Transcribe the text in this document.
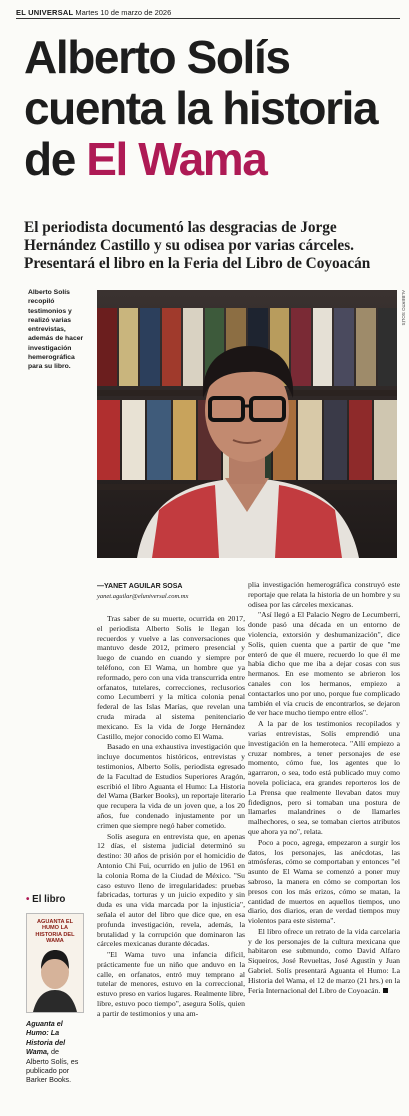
EL UNIVERSAL Martes 10 de marzo de 2026
Alberto Solís
cuenta la historia
de El Wama
El periodista documentó las desgracias de Jorge Hernández Castillo y su odisea por varias cárceles. Presentará el libro en la Feria del Libro de Coyoacán
Alberto Solís recopiló testimonios y realizó varias entrevistas, además de hacer investigación hemerográfica para su libro.
ALBERTO SOLÍS
—YANET AGUILAR SOSA
yanet.aguilar@eluniversal.com.mx

Tras saber de su muerte, ocurrida en 2017, el periodista Alberto Solís le llegan los recuerdos y vuelve a las conversaciones que mantuvo desde 2012, primero presencial y luego de cuando en cuando y siempre por teléfono, con El Wama, un hombre que ya reformado, pero con una vida transcurrida entre orfanatos, tutelares, correcciones, reclusorios como Lecumberri y la mítica colonia penal federal de las Islas Marías, que revelan una cruda mirada al sistema penitenciario mexicano. Es la vida de Jorge Hernández Castillo, mejor conocido como El Wama.

Basado en una exhaustiva investigación que incluye documentos históricos, entrevistas y testimonios, Alberto Solís, periodista egresado de la Facultad de Estudios Superiores Aragón, escribió el libro Aguanta el Humo: La Historia del Wama (Barker Books), un reportaje literario que recupera la vida de un joven que, a los 20 años, fue condenado injustamente por un crimen que siempre negó haber cometido.

Solís asegura en entrevista que, en apenas 12 días, el sistema judicial determinó su destino: 30 años de prisión por el homicidio de Antonio Chi Fui, ocurrido en julio de 1961 en la colonia Roma de la Ciudad de México. "Su caso estuvo lleno de irregularidades: pruebas fabricadas, torturas y un juicio expedito y sin duda es una vida marcada por la injusticia", señala el autor del libro que dice que, en esa profunda investigación, revela, además, la brutalidad y la corrupción que dominaron las cárceles mexicanas durante décadas.

"El Wama tuvo una infancia difícil, prácticamente fue un niño que anduvo en la calle, en orfanatos, entró muy temprano al tutelar de menores, estuvo en la correccional, estuvo preso en varios lugares. Realmente libre, libre, estuvo poco tiempo", asegura Solís, quien a partir de testimonios y una am-

plia investigación hemerográfica construyó este reportaje que relata la historia de un hombre y su odisea por las cárceles mexicanas.

"Así llegó a El Palacio Negro de Lecumberri, donde pasó una década en un entorno de violencia, extorsión y deshumanización", dice Solís, quien cuenta que a partir de que "me enteró de que él muere, recuerdo lo que él me había dicho que me iba a dejar cosas con sus hermanos. En ese momento se abrieron los canales con los hermanos, empiezo a contactarlos uno por uno, porque fue complicado también el vía crucis de encontrarlos, se dejaron de ver hace mucho tiempo entre ellos".

A la par de los testimonios recopilados y varias entrevistas, Solís emprendió una investigación en la hemeroteca. "Allí empiezo a cruzar nombres, a tener personajes de ese momento, cómo fue, los agentes que lo agarraron, o sea, todo está publicado muy como novela policiaca, era grandes reporteros los de La Prensa que realmente llevaban datos muy fidedignos, pero si tomaban una postura de llamarles malandrines o de llamarles malhechores, o sea, se tomaban ciertos atributos que ahora ya no", relata.

Poco a poco, agrega, empezaron a surgir los datos, los personajes, las anécdotas, las atmósferas, cómo se comportaban y entonces "el asunto de El Wama se comenzó a poner muy sabroso, la manera en cómo se comportan los presos con los más erizos, cómo se matan, la cantidad de muertos en aquellos tiempos, uno diario, dos diarios, eran de verdad tiempos muy violentos para este sistema".

El libro ofrece un retrato de la vida carcelaria y de los personajes de la cultura mexicana que habitaron ese submundo, como David Alfaro Siqueiros, José Revueltas, José Agustín y Juan Gabriel. Solís presentará Aguanta el Humo: La Historia del Wama, el 12 de marzo (21 hrs.) en la Feria Internacional del Libro de Coyoacán.

• El libro
AGUANTA EL HUMO LA HISTORIA DEL WAMA
Aguanta el Humo: La Historia del Wama, de Alberto Solís, es publicado por Barker Books.
